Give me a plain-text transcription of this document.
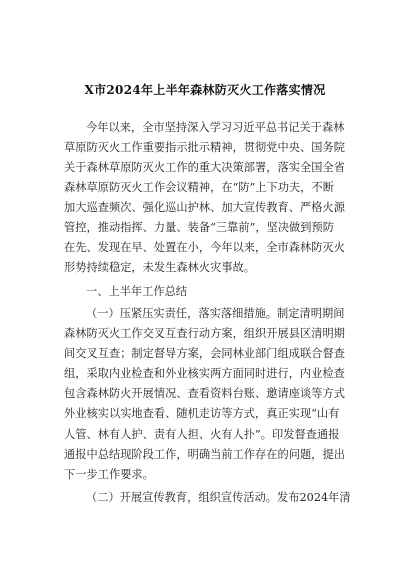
X市2024年上半年森林防灭火工作落实情况
今年以来，全市坚持深入学习习近平总书记关于森林
草原防灭火工作重要指示批示精神，贯彻党中央、国务院
关于森林草原防灭火工作的重大决策部署，落实全国全省
森林草原防灭火工作会议精神，在“防”上下功夫，不断
加大巡查频次、强化巡山护林、加大宣传教育、严格火源
管控，推动指挥、力量、装备“三靠前”，坚决做到预防
在先、发现在早、处置在小，今年以来，全市森林防灭火
形势持续稳定，未发生森林火灾事故。
一、上半年工作总结
（一）压紧压实责任，落实落细措施。制定清明期间
森林防灭火工作交叉互查行动方案，组织开展县区清明期
间交叉互查；制定督导方案，会同林业部门组成联合督查
组，采取内业检查和外业核实两方面同时进行，内业检查
包含森林防火开展情况、查看资料台账、邀请座谈等方式
外业核实以实地查看、随机走访等方式，真正实现“山有
人管、林有人护、责有人担、火有人扑”。印发督查通报
通报中总结现阶段工作，明确当前工作存在的问题，提出
下一步工作要求。
（二）开展宣传教育，组织宣传活动。发布2024年清
